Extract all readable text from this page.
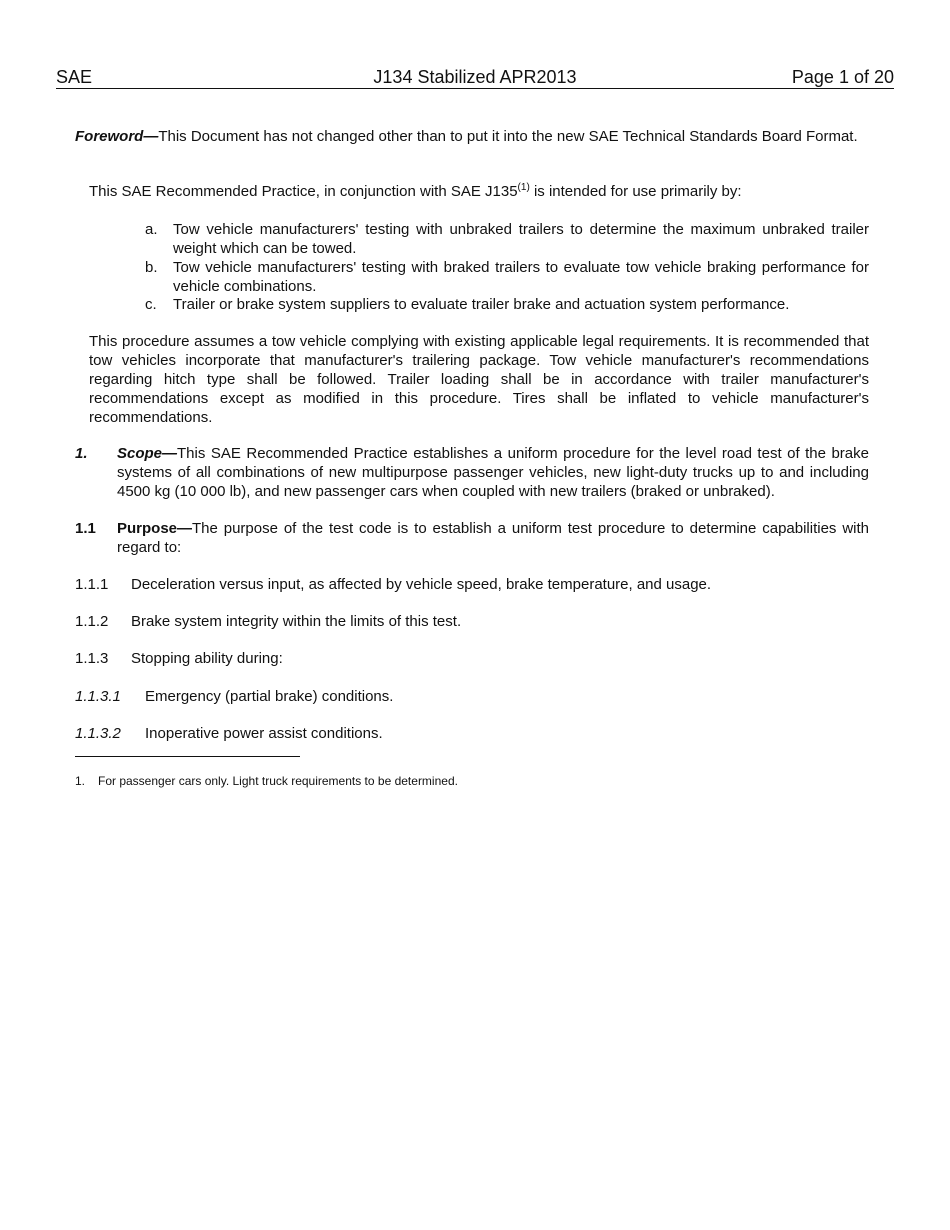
SAE	J134 Stabilized APR2013	Page 1 of 20
Foreword—This Document has not changed other than to put it into the new SAE Technical Standards Board Format.
This SAE Recommended Practice, in conjunction with SAE J135$^{(1)}$ is intended for use primarily by:
a. Tow vehicle manufacturers' testing with unbraked trailers to determine the maximum unbraked trailer weight which can be towed.
b. Tow vehicle manufacturers' testing with braked trailers to evaluate tow vehicle braking performance for vehicle combinations.
c. Trailer or brake system suppliers to evaluate trailer brake and actuation system performance.
This procedure assumes a tow vehicle complying with existing applicable legal requirements. It is recommended that tow vehicles incorporate that manufacturer's trailering package. Tow vehicle manufacturer's recommendations regarding hitch type shall be followed. Trailer loading shall be in accordance with trailer manufacturer's recommendations except as modified in this procedure. Tires shall be inflated to vehicle manufacturer's recommendations.
1. Scope—This SAE Recommended Practice establishes a uniform procedure for the level road test of the brake systems of all combinations of new multipurpose passenger vehicles, new light-duty trucks up to and including 4500 kg (10 000 lb), and new passenger cars when coupled with new trailers (braked or unbraked).
1.1 Purpose—The purpose of the test code is to establish a uniform test procedure to determine capabilities with regard to:
1.1.1 Deceleration versus input, as affected by vehicle speed, brake temperature, and usage.
1.1.2 Brake system integrity within the limits of this test.
1.1.3 Stopping ability during:
1.1.3.1 Emergency (partial brake) conditions.
1.1.3.2 Inoperative power assist conditions.
1. For passenger cars only. Light truck requirements to be determined.
